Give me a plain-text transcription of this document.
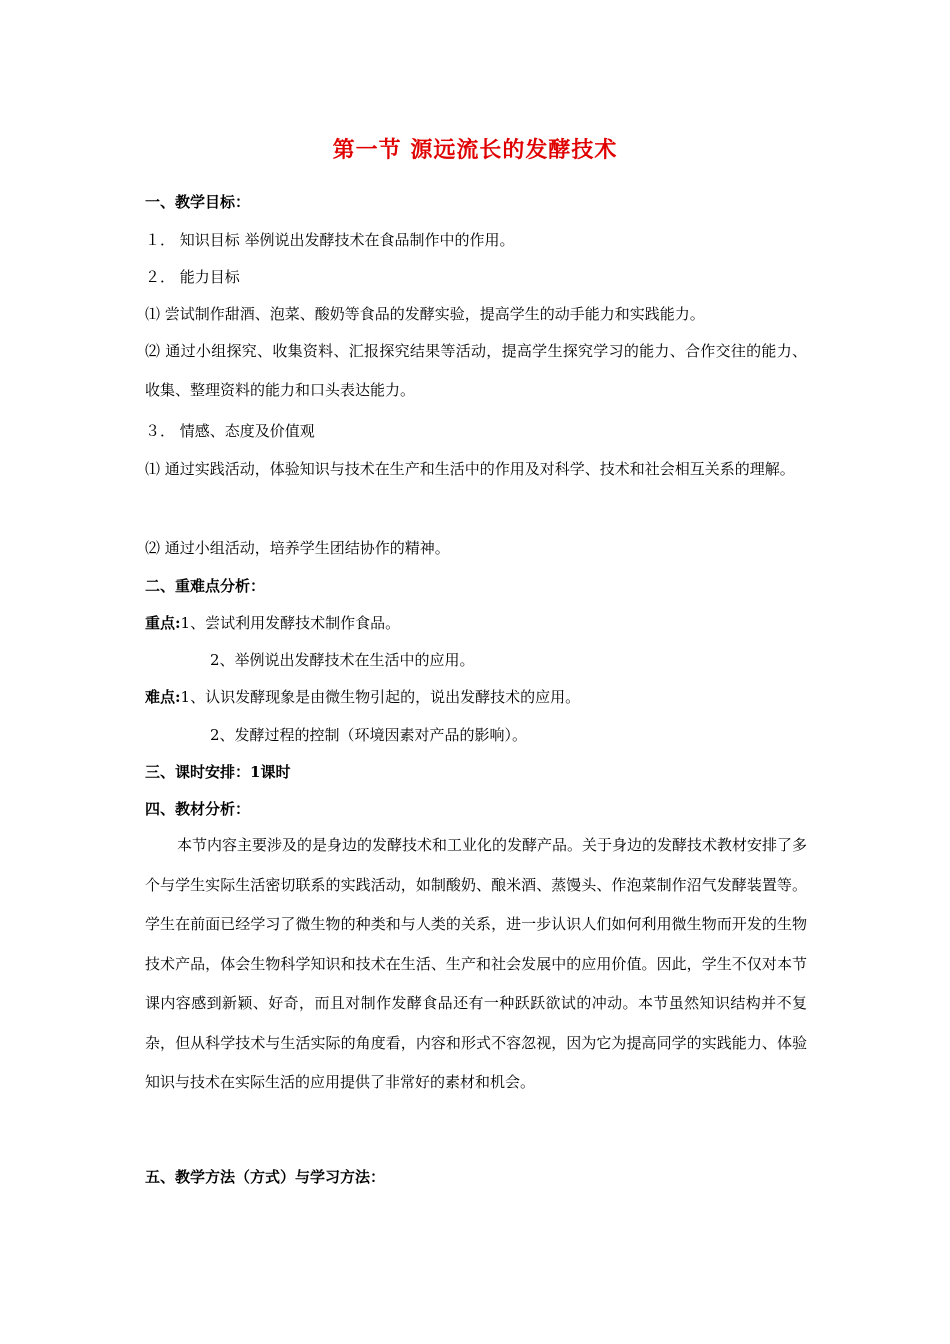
第一节 源远流长的发酵技术
一、教学目标：
１． 知识目标 举例说出发酵技术在食品制作中的作用。
２． 能力目标
⑴ 尝试制作甜酒、泡菜、酸奶等食品的发酵实验，提高学生的动手能力和实践能力。
⑵ 通过小组探究、收集资料、汇报探究结果等活动，提高学生探究学习的能力、合作交往的能力、收集、整理资料的能力和口头表达能力。
３． 情感、态度及价值观
⑴ 通过实践活动，体验知识与技术在生产和生活中的作用及对科学、技术和社会相互关系的理解。
⑵ 通过小组活动，培养学生团结协作的精神。
二、重难点分析：
重点:1、尝试利用发酵技术制作食品。
2、举例说出发酵技术在生活中的应用。
难点:1、认识发酵现象是由微生物引起的，说出发酵技术的应用。
2、发酵过程的控制（环境因素对产品的影响）。
三、课时安排：1课时
四、教材分析：
本节内容主要涉及的是身边的发酵技术和工业化的发酵产品。关于身边的发酵技术教材安排了多个与学生实际生活密切联系的实践活动，如制酸奶、酿米酒、蒸馒头、作泡菜制作沼气发酵装置等。学生在前面已经学习了微生物的种类和与人类的关系，进一步认识人们如何利用微生物而开发的生物技术产品，体会生物科学知识和技术在生活、生产和社会发展中的应用价值。因此，学生不仅对本节课内容感到新颖、好奇，而且对制作发酵食品还有一种跃跃欲试的冲动。本节虽然知识结构并不复杂，但从科学技术与生活实际的角度看，内容和形式不容忽视，因为它为提高同学的实践能力、体验知识与技术在实际生活的应用提供了非常好的素材和机会。
五、教学方法（方式）与学习方法：
